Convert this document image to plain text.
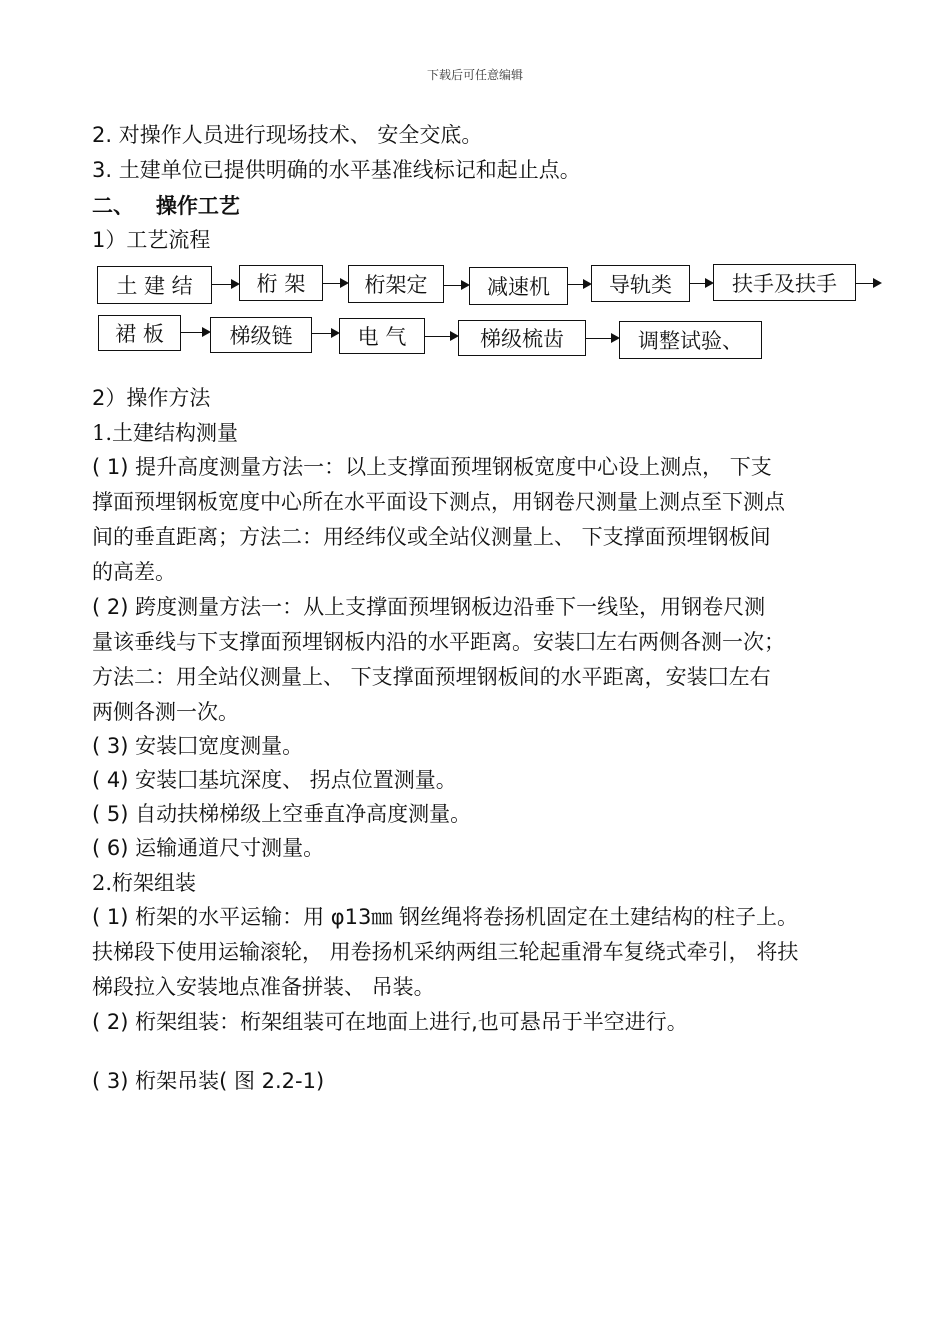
下载后可任意编辑
2. 对操作人员进行现场技术、 安全交底。
3. 土建单位已提供明确的水平基准线标记和起止点。
二、   操作工艺
1）工艺流程
土 建 结	桁 架	桁架定	减速机	导轨类	扶手及扶手
裙 板	梯级链	电 气	梯级梳齿	调整试验、
2）操作方法
1.土建结构测量
( 1) 提升高度测量方法一：以上支撑面预埋钢板宽度中心设上测点， 下支
撑面预埋钢板宽度中心所在水平面设下测点，用钢卷尺测量上测点至下测点
间的垂直距离；方法二：用经纬仪或全站仪测量上、 下支撑面预埋钢板间
的高差。
( 2) 跨度测量方法一：从上支撑面预埋钢板边沿垂下一线坠，用钢卷尺测
量该垂线与下支撑面预埋钢板内沿的水平距离。安装囗左右两侧各测一次；
方法二：用全站仪测量上、 下支撑面预埋钢板间的水平距离，安装囗左右
两侧各测一次。
( 3) 安装囗宽度测量。
( 4) 安装囗基坑深度、 拐点位置测量。
( 5) 自动扶梯梯级上空垂直净高度测量。
( 6) 运输通道尺寸测量。
2.桁架组装
( 1) 桁架的水平运输：用 φ13㎜ 钢丝绳将卷扬机固定在土建结构的柱子上。
扶梯段下使用运输滚轮， 用卷扬机采纳两组三轮起重滑车复绕式牵引， 将扶
梯段拉入安装地点准备拼装、 吊装。
( 2) 桁架组装：桁架组装可在地面上进行,也可悬吊于半空进行。
( 3) 桁架吊装( 图 2.2-1)
